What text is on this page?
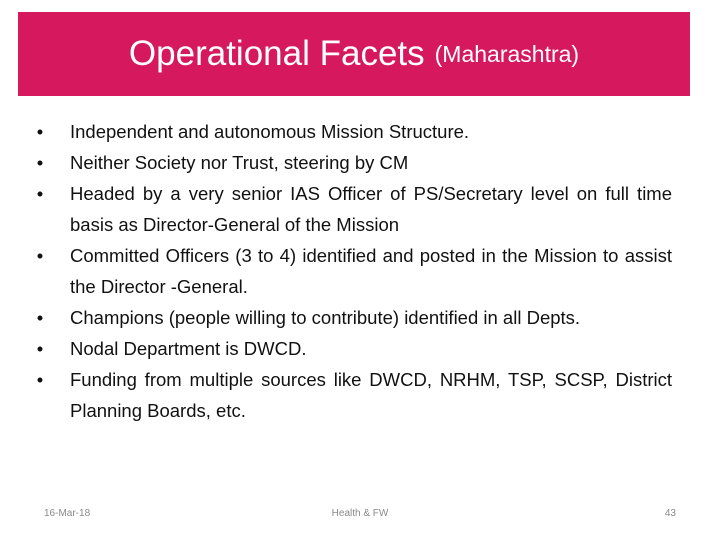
Operational Facets (Maharashtra)
•	Independent and autonomous Mission Structure.
•	Neither Society nor Trust, steering by CM
•	Headed by a very senior IAS Officer of PS/Secretary level on full time basis as Director-General of the Mission
•	Committed Officers (3 to 4) identified and posted in the Mission to assist the Director -General.
•	Champions (people willing to contribute) identified in all Depts.
•	Nodal Department is DWCD.
•	Funding from multiple sources like DWCD, NRHM, TSP, SCSP, District Planning Boards, etc.
16-Mar-18	Health & FW	43
